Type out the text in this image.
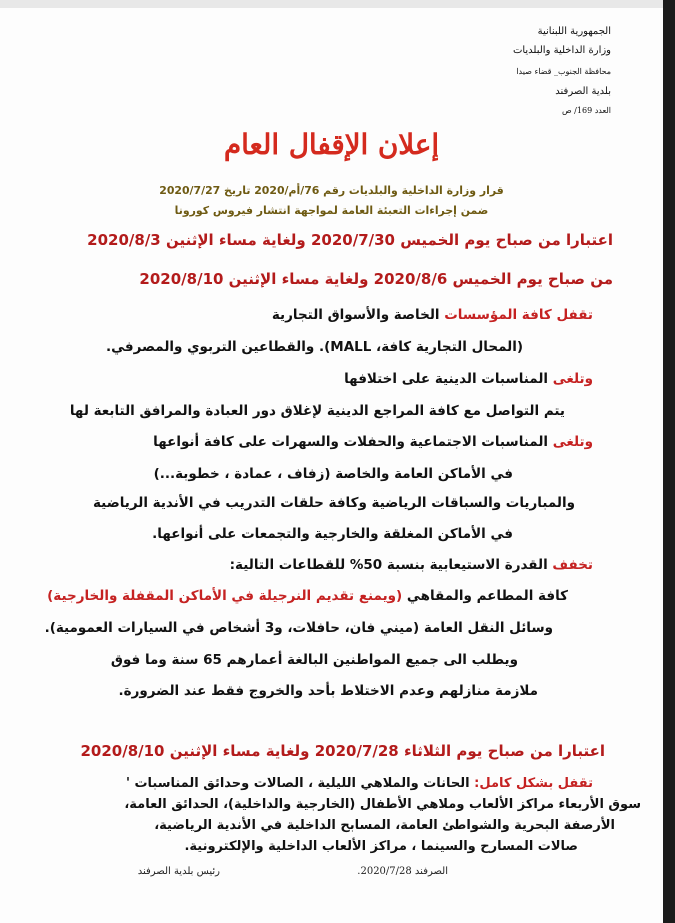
الجمهورية اللبنانية

وزارة الداخلية والبلديات

محافظة الجنوب_ قضاء صيدا

بلدية الصرفند

العدد 169/ ص

إعلان الإقفال العام

قرار وزارة الداخلية والبلديات رقم 76/أم/2020 تاريخ 2020/7/27

ضمن إجراءات التعبئة العامة لمواجهة انتشار فيروس كورونا

اعتبارا من صباح يوم الخميس 2020/7/30 ولغاية مساء الإثنين 2020/8/3

من صباح يوم الخميس 2020/8/6 ولغاية مساء الإثنين 2020/8/10

تقفل كافة المؤسسات الخاصة والأسواق التجارية

(المحال التجارية كافة، MALL). والقطاعين التربوي والمصرفي.

وتلغى المناسبات الدينية على اختلافها

يتم التواصل مع كافة المراجع الدينية لإغلاق دور العبادة والمرافق التابعة لها

وتلغى المناسبات الاجتماعية والحفلات والسهرات على كافة أنواعها

في الأماكن العامة والخاصة (زفاف ، عمادة ، خطوبة...)

والمباريات والسباقات الرياضية وكافة حلقات التدريب في الأندية الرياضية

في الأماكن المغلقة والخارجية والتجمعات على أنواعها.

تخفف القدرة الاستيعابية بنسبة 50% للقطاعات التالية:

كافة المطاعم والمقاهي (ويمنع تقديم النرجيلة في الأماكن المقفلة والخارجية)

وسائل النقل العامة (ميني فان، حافلات، و3 أشخاص في السيارات العمومية).

ويطلب الى جميع المواطنين البالغة أعمارهم 65 سنة وما فوق

ملازمة منازلهم وعدم الاختلاط بأحد والخروج فقط عند الضرورة.

اعتبارا من صباح يوم الثلاثاء 2020/7/28 ولغاية مساء الإثنين 2020/8/10

تقفل بشكل كامل: الحانات والملاهي الليلية ، الصالات وحدائق المناسبات '

سوق الأربعاء مراكز الألعاب وملاهي الأطفال (الخارجية والداخلية)، الحدائق العامة،

الأرصفة البحرية والشواطئ العامة، المسابح الداخلية في الأندية الرياضية،

صالات المسارح والسينما ، مراكز الألعاب الداخلية والإلكترونية.

الصرفند 2020/7/28.

رئيس بلدية الصرفند
